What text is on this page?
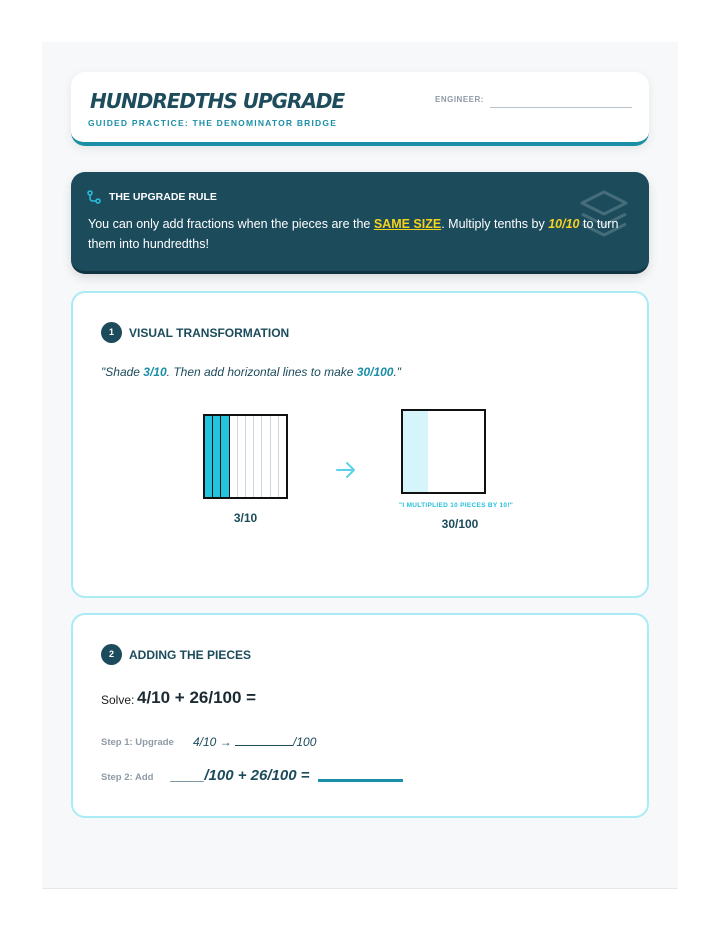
HUNDREDTHS UPGRADE
GUIDED PRACTICE: THE DENOMINATOR BRIDGE
ENGINEER:
THE UPGRADE RULE
You can only add fractions when the pieces are the SAME SIZE. Multiply tenths by 10/10 to turn them into hundredths!
1	VISUAL TRANSFORMATION
"Shade 3/10. Then add horizontal lines to make 30/100."
3/10
"I MULTIPLIED 10 PIECES BY 10!"
30/100
2	ADDING THE PIECES
Solve: 4/10 + 26/100 =
Step 1: Upgrade 4/10 →	/100
Step 2: Add ____/100 + 26/100 =
